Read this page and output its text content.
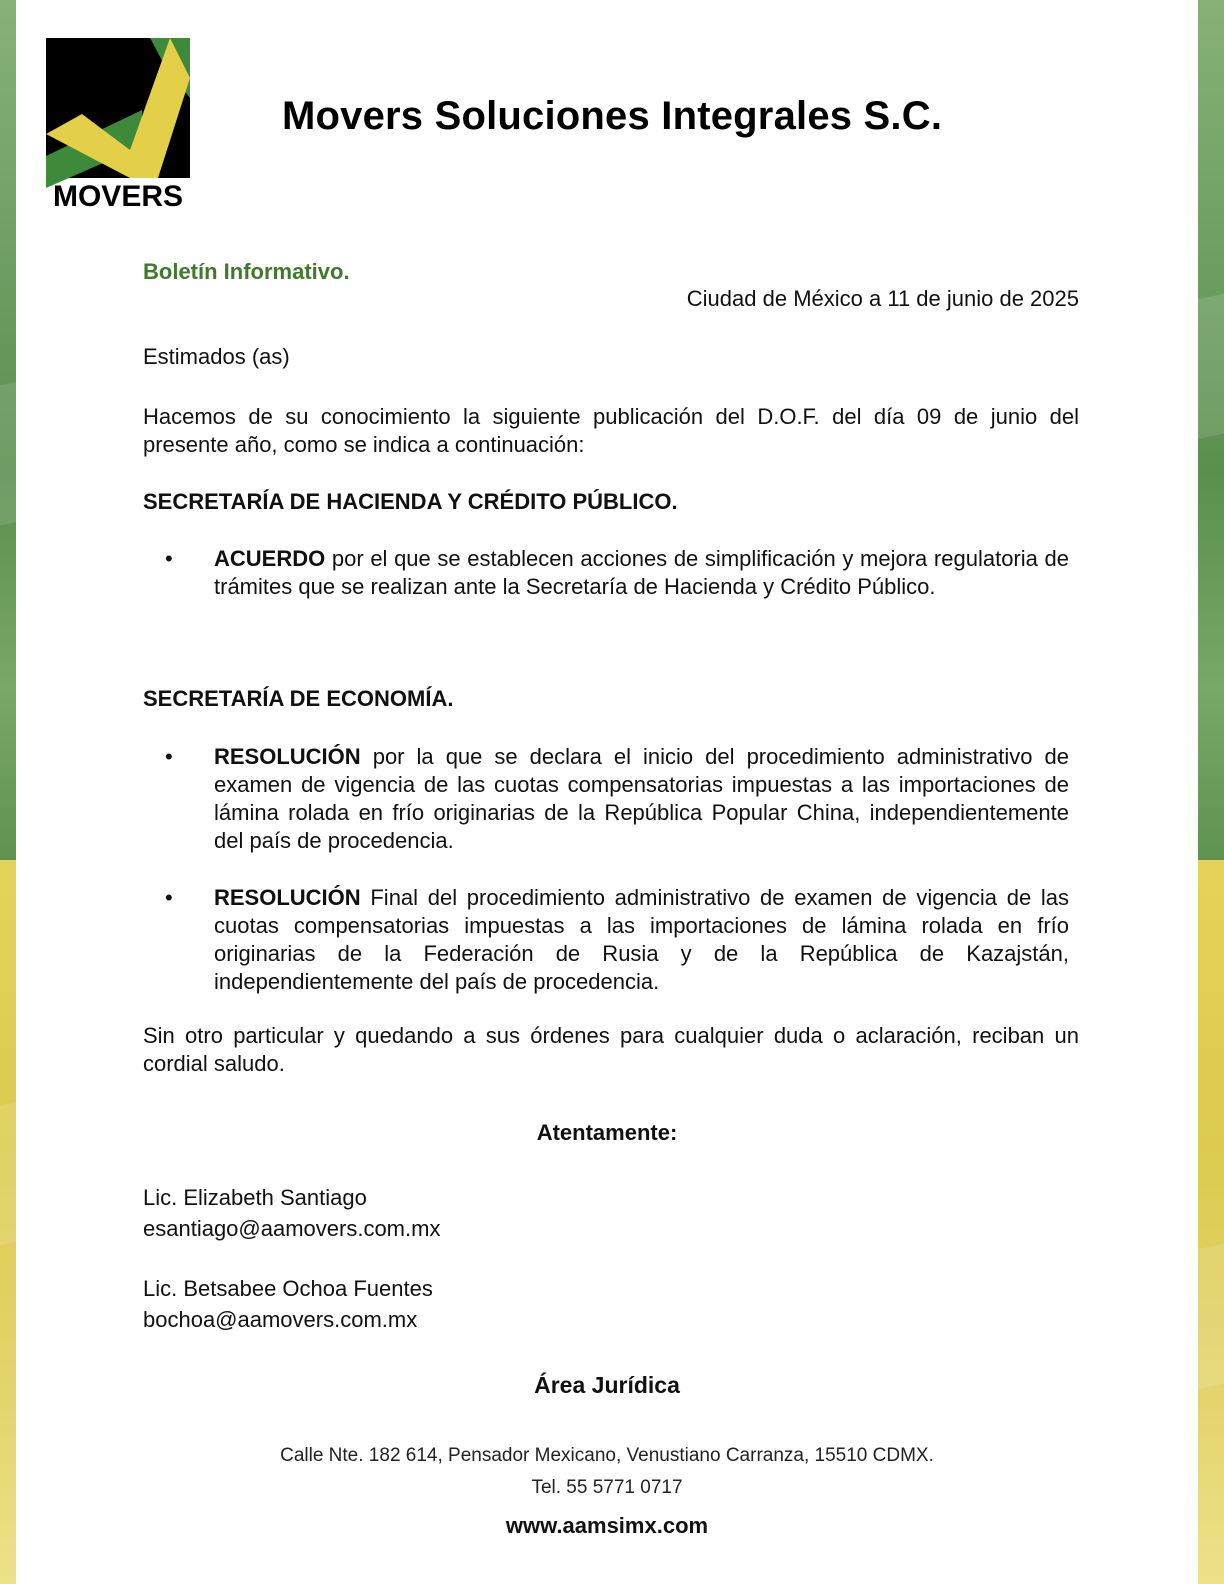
MOVERS
Movers Soluciones Integrales S.C.
Boletín Informativo.
Ciudad de México a 11 de junio de 2025
Estimados (as)
Hacemos de su conocimiento la siguiente publicación del D.O.F. del día 09 de junio del presente año, como se indica a continuación:
SECRETARÍA DE HACIENDA Y CRÉDITO PÚBLICO.
• ACUERDO por el que se establecen acciones de simplificación y mejora regulatoria de trámites que se realizan ante la Secretaría de Hacienda y Crédito Público.
SECRETARÍA DE ECONOMÍA.
• RESOLUCIÓN por la que se declara el inicio del procedimiento administrativo de examen de vigencia de las cuotas compensatorias impuestas a las importaciones de lámina rolada en frío originarias de la República Popular China, independientemente del país de procedencia.
• RESOLUCIÓN Final del procedimiento administrativo de examen de vigencia de las cuotas compensatorias impuestas a las importaciones de lámina rolada en frío originarias de la Federación de Rusia y de la República de Kazajstán, independientemente del país de procedencia.
Sin otro particular y quedando a sus órdenes para cualquier duda o aclaración, reciban un cordial saludo.
Atentamente:
Lic. Elizabeth Santiago
esantiago@aamovers.com.mx
Lic. Betsabee Ochoa Fuentes
bochoa@aamovers.com.mx
Área Jurídica
Calle Nte. 182 614, Pensador Mexicano, Venustiano Carranza, 15510 CDMX.
Tel. 55 5771 0717
www.aamsimx.com
